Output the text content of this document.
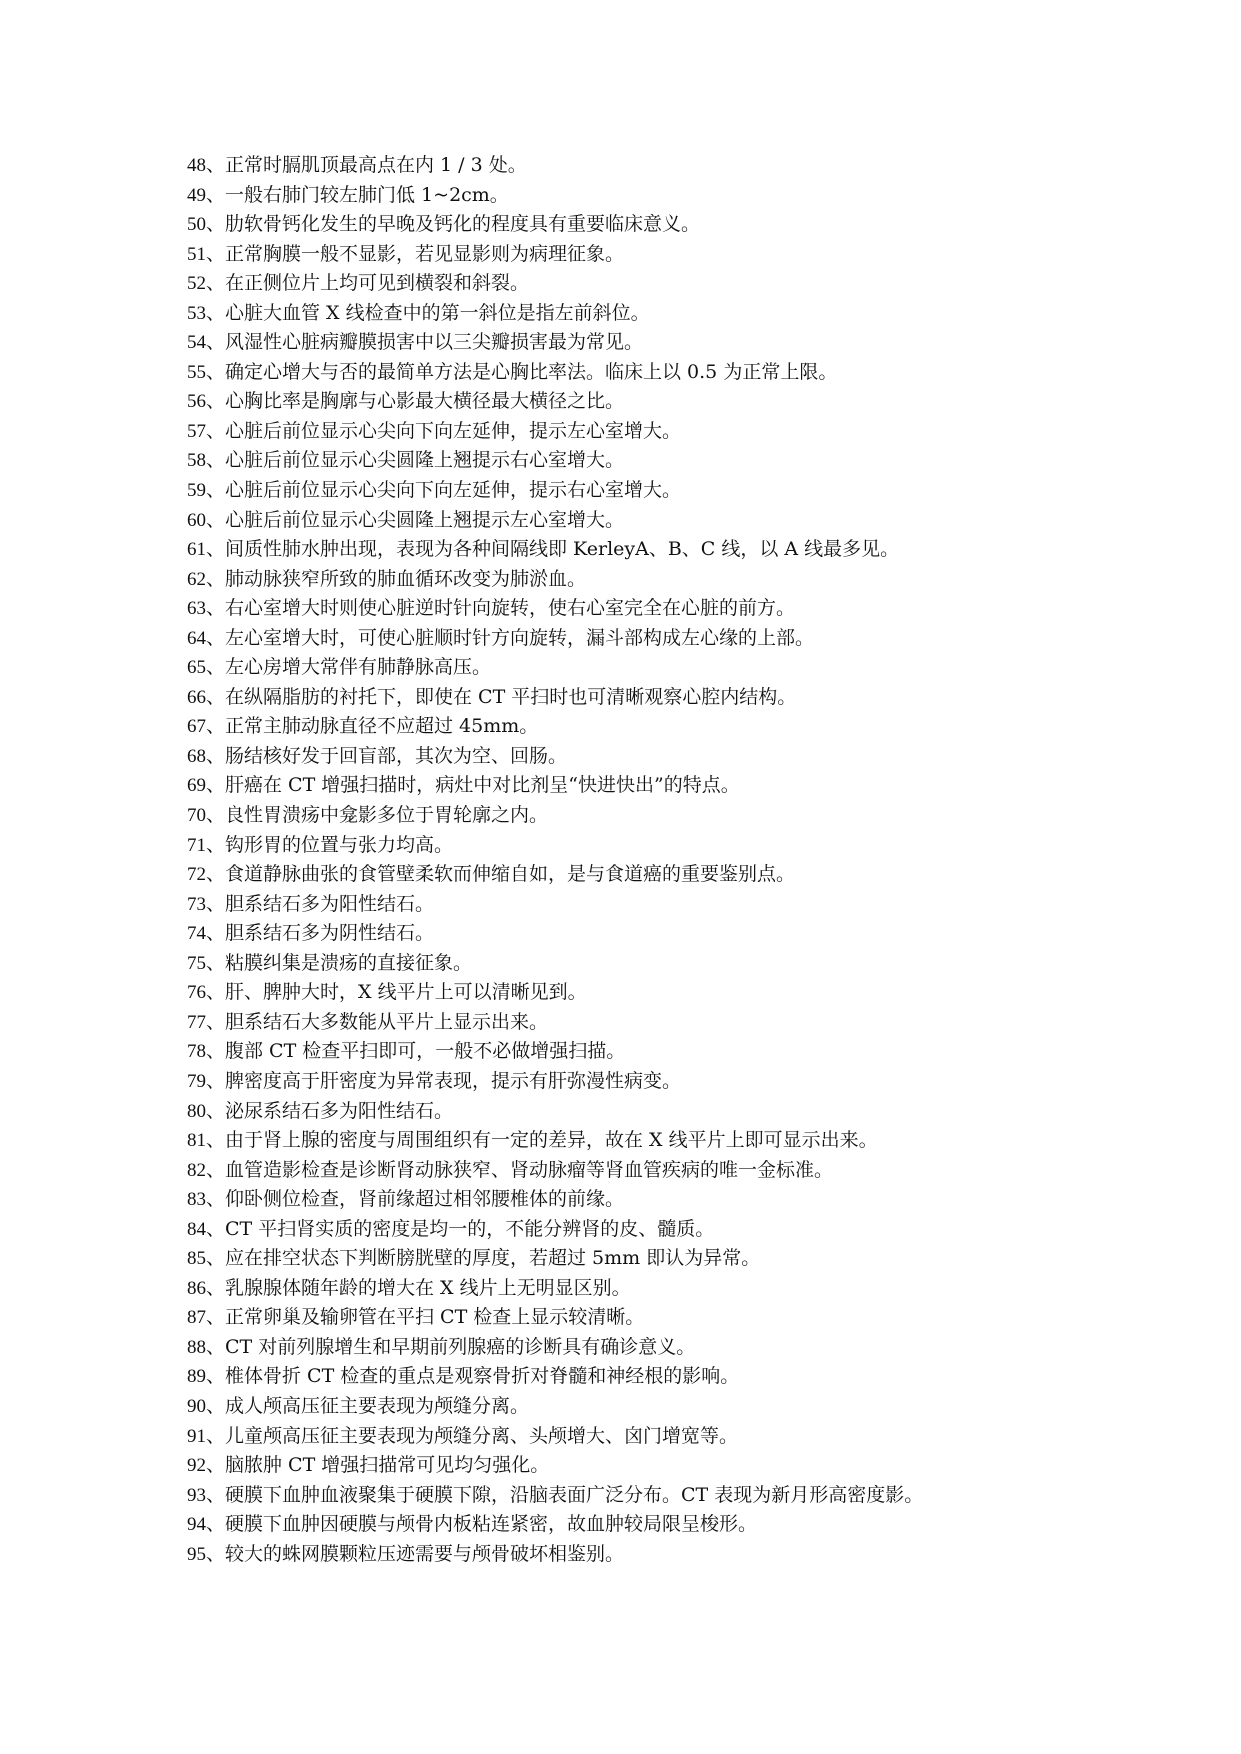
48、正常时膈肌顶最高点在内 1 / 3 处。
49、一般右肺门较左肺门低 1~2cm。
50、肋软骨钙化发生的早晚及钙化的程度具有重要临床意义。
51、正常胸膜一般不显影，若见显影则为病理征象。
52、在正侧位片上均可见到横裂和斜裂。
53、心脏大血管 X 线检查中的第一斜位是指左前斜位。
54、风湿性心脏病瓣膜损害中以三尖瓣损害最为常见。
55、确定心增大与否的最简单方法是心胸比率法。临床上以 0.5 为正常上限。
56、心胸比率是胸廓与心影最大横径最大横径之比。
57、心脏后前位显示心尖向下向左延伸，提示左心室增大。
58、心脏后前位显示心尖圆隆上翘提示右心室增大。
59、心脏后前位显示心尖向下向左延伸，提示右心室增大。
60、心脏后前位显示心尖圆隆上翘提示左心室增大。
61、间质性肺水肿出现，表现为各种间隔线即 KerleyA、B、C 线，以 A 线最多见。
62、肺动脉狭窄所致的肺血循环改变为肺淤血。
63、右心室增大时则使心脏逆时针向旋转，使右心室完全在心脏的前方。
64、左心室增大时，可使心脏顺时针方向旋转，漏斗部构成左心缘的上部。
65、左心房增大常伴有肺静脉高压。
66、在纵隔脂肪的衬托下，即使在 CT 平扫时也可清晰观察心腔内结构。
67、正常主肺动脉直径不应超过 45mm。
68、肠结核好发于回盲部，其次为空、回肠。
69、肝癌在 CT 增强扫描时，病灶中对比剂呈“快进快出”的特点。
70、良性胃溃疡中龛影多位于胃轮廓之内。
71、钩形胃的位置与张力均高。
72、食道静脉曲张的食管壁柔软而伸缩自如，是与食道癌的重要鉴别点。
73、胆系结石多为阳性结石。
74、胆系结石多为阴性结石。
75、粘膜纠集是溃疡的直接征象。
76、肝、脾肿大时，X 线平片上可以清晰见到。
77、胆系结石大多数能从平片上显示出来。
78、腹部 CT 检查平扫即可，一般不必做增强扫描。
79、脾密度高于肝密度为异常表现，提示有肝弥漫性病变。
80、泌尿系结石多为阳性结石。
81、由于肾上腺的密度与周围组织有一定的差异，故在 X 线平片上即可显示出来。
82、血管造影检查是诊断肾动脉狭窄、肾动脉瘤等肾血管疾病的唯一金标准。
83、仰卧侧位检查，肾前缘超过相邻腰椎体的前缘。
84、CT 平扫肾实质的密度是均一的，不能分辨肾的皮、髓质。
85、应在排空状态下判断膀胱壁的厚度，若超过 5mm 即认为异常。
86、乳腺腺体随年龄的增大在 X 线片上无明显区别。
87、正常卵巢及输卵管在平扫 CT 检查上显示较清晰。
88、CT 对前列腺增生和早期前列腺癌的诊断具有确诊意义。
89、椎体骨折 CT 检查的重点是观察骨折对脊髓和神经根的影响。
90、成人颅高压征主要表现为颅缝分离。
91、儿童颅高压征主要表现为颅缝分离、头颅增大、囟门增宽等。
92、脑脓肿 CT 增强扫描常可见均匀强化。
93、硬膜下血肿血液聚集于硬膜下隙，沿脑表面广泛分布。CT 表现为新月形高密度影。
94、硬膜下血肿因硬膜与颅骨内板粘连紧密，故血肿较局限呈梭形。
95、较大的蛛网膜颗粒压迹需要与颅骨破坏相鉴别。
